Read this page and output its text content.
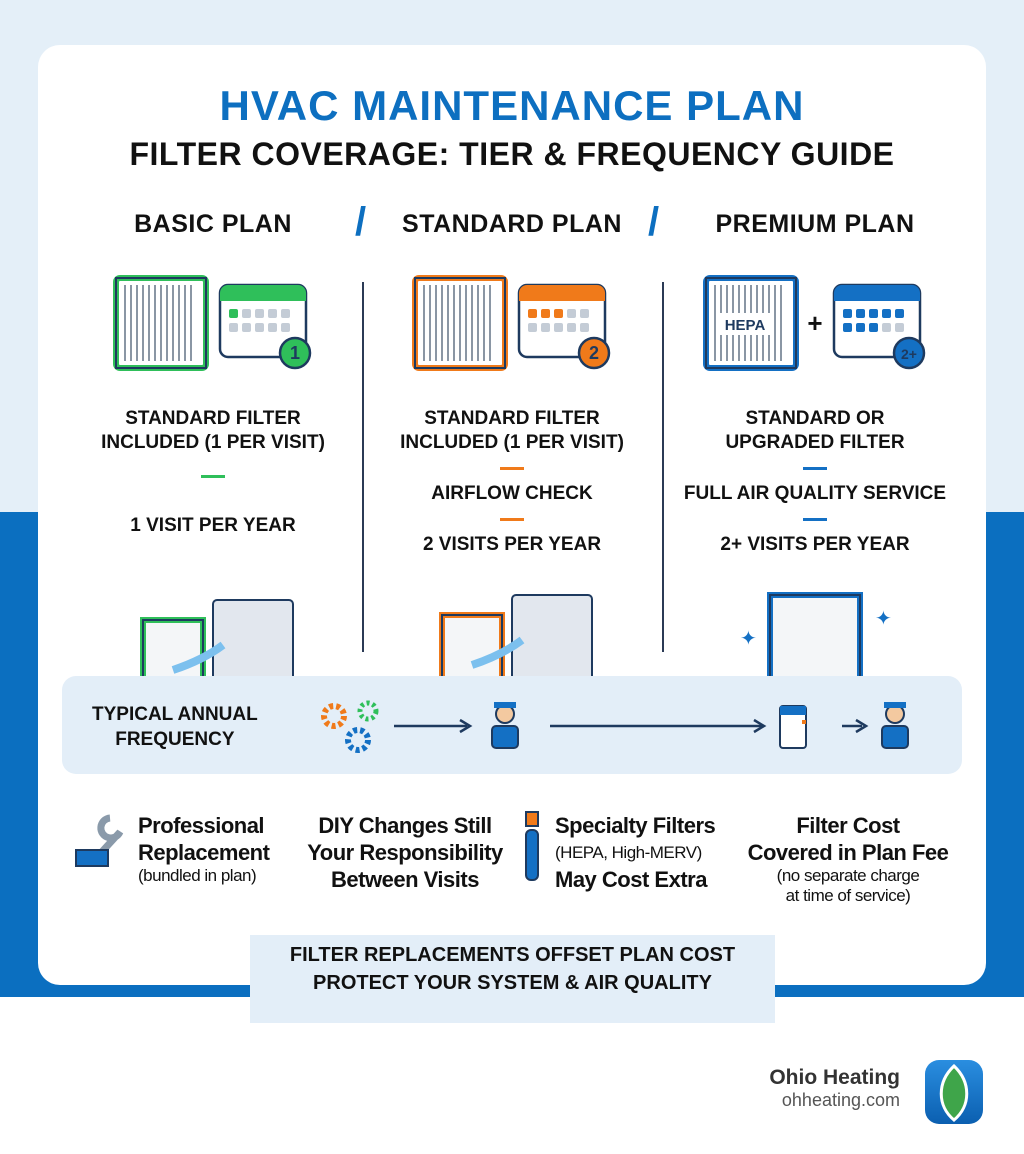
HVAC MAINTENANCE PLAN
FILTER COVERAGE: TIER & FREQUENCY GUIDE
/	/
BASIC PLAN
1
STANDARD FILTER
INCLUDED (1 PER VISIT)
1 VISIT PER YEAR
STANDARD PLAN
2
STANDARD FILTER
INCLUDED (1 PER VISIT)
AIRFLOW CHECK
2 VISITS PER YEAR
PREMIUM PLAN
HEPA +
2+
STANDARD OR
UPGRADED FILTER
FULL AIR QUALITY SERVICE
2+ VISITS PER YEAR
✦
✦
TYPICAL ANNUAL
FREQUENCY
Professional
Replacement
(bundled in plan)
DIY Changes Still
Your Responsibility
Between Visits
Specialty Filters
(HEPA, High-MERV)
May Cost Extra
Filter Cost
Covered in Plan Fee
(no separate charge
at time of service)
FILTER REPLACEMENTS OFFSET PLAN COST
PROTECT YOUR SYSTEM & AIR QUALITY
Ohio Heating
ohheating.com
